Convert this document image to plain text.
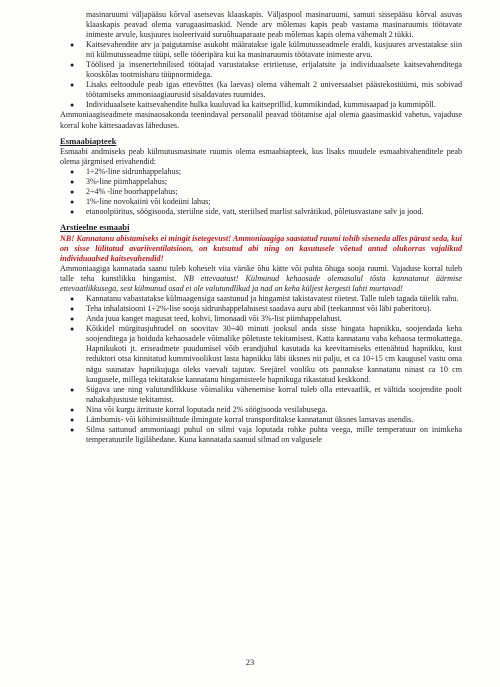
masinaruumi väljapääsu kõrval asetsevas klaaskapis. Väljaspool masinaruumi, samuti sissepääsu kõrval asuvas klaaskapis peavad olema varugaasimaskid. Nende arv mõlemas kapis peab vastama masinaruumis töötavate inimeste arvule, kusjuures isoleerivaid suruõhuaparaate peab mõlemas kapis olema vähemalt 2 tükki.

● Kaitsevahendite arv ja paigutamise asukoht määratakse igale külmutusseadmele eraldi, kusjuures arvestatakse siin nii külmutusseadme tüüpi, selle tööeripära kui ka masinaruumis töötavate inimeste arvu.
● Töölised ja insenertehnilised töötajad varustatakse eririietuse, erijalatsite ja individuaalsete kaitsevahenditega kooskõlas tootmisharu tüüpnormidega.
● Lisaks eeltoodule peab igas ettevõttes (ka laevas) olema vähemalt 2 universaalset päästekostüümi, mis sobivad töötamiseks ammoniaagiaurusid sisaldavates ruumides.
● Individuaalsete kaitsevahendite hulka kuuluvad ka kaitseprillid, kummikindad, kummisaapad ja kummipõll.

Ammoniaagiseadmete masinaosakonda teenindaval personalil peavad töötamise ajal olema gaasimaskid vahetus, vajaduse korral kohe kättesaadavas läheduses.

Esmaabiapteek

Esmaabi andmiseks peab külmutusmasinate ruumis olema esmaabiapteek, kus lisaks muudele esmaabivahenditele peab olema järgmised erivahendid:

● 1÷2%-line sidrunhappelahus;
● 3%-line piimhappelahus;
● 2÷4% -line boorhappelahus;
● 1%-line novokaiini või kodeiini lahus;
● etanoolpiiritus, söögisooda, steriilne side, vatt, steriilsed marlist salvrätikud, põletusvastane salv ja jood.
Arstieelne esmaabi

NB! Kannatanu abistamiseks ei mingit isetegevust! Ammoniaagiga saastatud ruumi tohib siseneda alles pärast seda, kui on sisse lülitatud avariiventilatsioon, on kutsutud abi ning on kasutusele võetud antud olukorras vajalikud individuaalsed kaitsevahendid!

Ammoniaagiga kannatada saanu tuleb koheselt viia värske õhu kätte või puhta õhuga sooja ruumi. Vajaduse korral tuleb talle teha kunstlikku hingamist. NB ettevaatust! Külmunud kehaosade olemasolul tõsta kannatanut äärmise ettevaatlikkusega, sest külmunud osad ei ole valutundlikud ja nad on keha küljest kergesti lahti murtavad!

● Kannatanu vabastatakse külmaagensiga saastunud ja hingamist takistavatest riietest. Talle tuleb tagada täielik rahu.
● Teha inhalatsiooni 1÷2%-lise sooja sidrunhappelahusest saadava auru abil (teekannust või läbi paberitoru).
● Anda juua kanget magusat teed, kohvi, limonaadi või 3%-list piimhappelahust.
● Kõikidel mürgitusjuhtudel on soovitav 30÷40 minuti jooksul anda sisse hingata hapnikku, soojendada keha soojenditega ja hoiduda kehaosadele võimalike põletuste tekitamisest. Katta kannatanu vaba kehaosa termokattega. Hapnikukoti jt. eriseadmete puudumisel võib erandjuhul kasutada ka keevitamiseks ettenähtud hapnikku, kust reduktori otsa kinnitatud kummivoolikust lasta hapnikku läbi üksnes nii palju, et ca 10÷15 cm kaugusel vastu oma nägu suunatav hapnikujuga oleks vaevalt tajutav. Seejärel vooliku ots pannakse kannatanu ninast ca 10 cm kaugusele, millega tekitatakse kannatanu hingamisteele hapnikuga rikastatud keskkond.
● Sügava une ning valutundlikkuse võimaliku vähenemise korral tuleb olla ettevaatlik, et vältida soojendite poolt nahakahjustuste tekitamist.
● Nina või kurgu ärrituste korral loputada neid 2% söögisooda vesilahusega.
● Lämbumis- või köhimisnähtude ilmingute korral transporditakse kannatanut üksnes lamavas asendis.
● Silma sattunud ammoniaagi puhul on silmi vaja loputada rohke puhta veega, mille temperatuur on inimkeha temperatuurile ligilähedane. Kuna kannatada saanud silmad on valguselе
23
